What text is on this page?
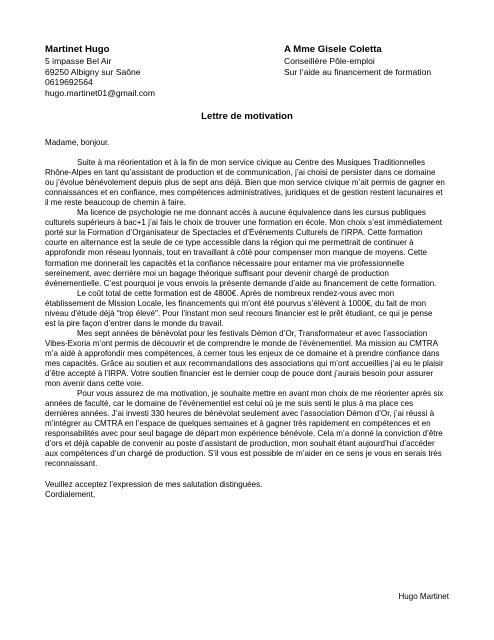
Martinet Hugo
5 impasse Bel Air
69250 Albigny sur Saône
0619692564
hugo.martinet01@gmail.com
A Mme Gisele Coletta
Conseillère Pôle-emploi
Sur l’aide au financement de formation
Lettre de motivation

Madame, bonjour.

Suite à ma réorientation et à la fin de mon service civique au Centre des Musiques Traditionnelles Rhône-Alpes en tant qu’assistant de production et de communication, j’ai choisi de persister dans ce domaine ou j’évolue bénévolement depuis plus de sept ans déjà. Bien que mon service civique m’ait permis de gagner en connaissances et en confiance, mes compétences administratives, juridiques et de gestion restent lacunaires et il me reste beaucoup de chemin à faire.

Ma licence de psychologie ne me donnant accès à aucune équivalence dans les cursus publiques culturels supérieurs à bac+1 j’ai fais le choix de trouver une formation en école. Mon choix s’est immédiatement porté sur la Formation d’Organisateur de Spectacles et d’Événements Culturels de l’IRPA. Cette formation courte en alternance est la seule de ce type accessible dans la région qui me permettrait de continuer à approfondir mon réseau lyonnais, tout en travaillant à côté pour compenser mon manque de moyens. Cette formation me donnerait les capacités et la confiance nécessaire pour entamer ma vie professionnelle sereinement, avec derrière moi un bagage théorique suffisant pour devenir chargé de production évènementielle. C’est pourquoi je vous envois la présente demande d’aide au financement de cette formation.

Le coût total de cette formation est de 4800€. Après de nombreux rendez-vous avec mon établissement de Mission Locale, les financements qui m’ont été pourvus s’élèvent à 1000€, du fait de mon niveau d'étude déjà "trop élevé". Pour l’instant mon seul recours financier est le prêt étudiant, ce qui je pense est la pire façon d’entrer dans le monde du travail.

Mes sept années de bénévolat pour les festivals Démon d’Or, Transformateur et avec l’association Vibes-Exoria m’ont permis de découvrir et de comprendre le monde de l’évènementiel. Ma mission au CMTRA m’a aidé à approfondir mes compétences, à cerner tous les enjeux de ce domaine et à prendre confiance dans mes capacités. Grâce au soutien et aux recommandations des associations qui m’ont accueillies j’ai eu le plaisir d’être accepté à l’IRPA. Votre soutien financier est le dernier coup de pouce dont j’aurais besoin pour assurer mon avenir dans cette voie.

Pour vous assurez de ma motivation, je souhaite mettre en avant mon choix de me réorienter après six années de faculté, car le domaine de l’évènementiel est celui où je me suis senti le plus à ma place ces dernières années. J’ai investi 330 heures de bénévolat seulement avec l’association Démon d’Or, j’ai réussi à m’intégrer au CMTRA en l’espace de quelques semaines et à gagner très rapidement en compétences et en responsabilités avec pour seul bagage de départ mon expérience bénévole. Cela m’a donné la conviction d’être d’ors et déjà capable de convenir au poste d’assistant de production, mon souhait étant aujourd’hui d’accéder aux compétences d’un chargé de production. S’il vous est possible de m’aider en ce sens je vous en serais très reconnaissant.

Veuillez acceptez l’expression de mes salutation distinguées.

Cordialement,

Hugo Martinet
